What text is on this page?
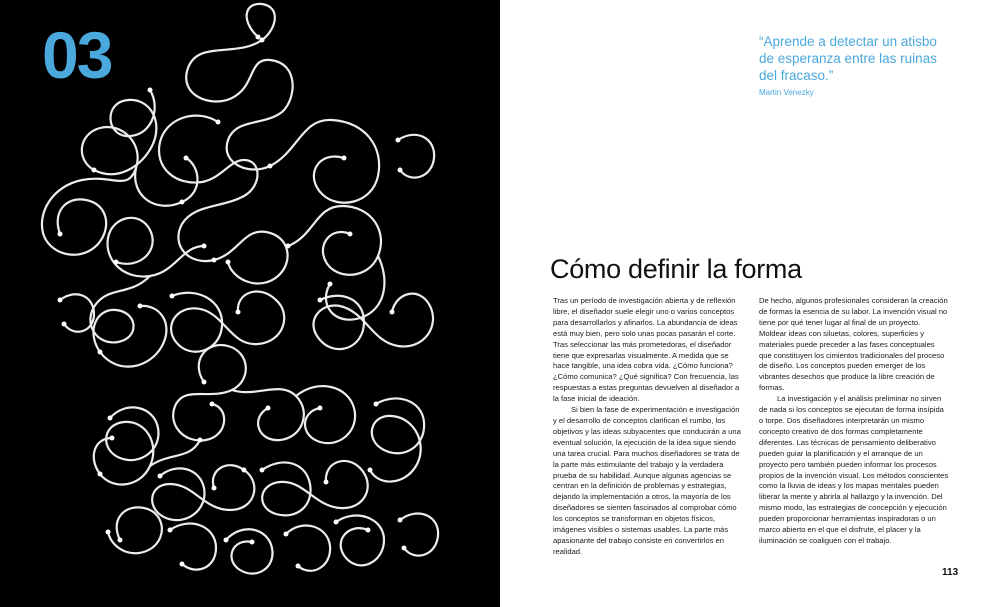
03	“Aprende a detectar un atisbo de esperanza entre las ruinas del fracaso.”
Martin Venezky
Cómo definir la forma

Tras un período de investigación abierta y de reflexión libre, el diseñador suele elegir uno o varios conceptos para desarrollarlos y afinarlos. La abundancia de ideas está muy bien, pero solo unas pocas pasarán el corte. Tras seleccionar las más prometedoras, el diseñador tiene que expresarlas visualmente. A medida que se hace tangible, una idea cobra vida. ¿Cómo funciona? ¿Cómo comunica? ¿Qué significa? Con frecuencia, las respuestas a estas preguntas devuelven al diseñador a la fase inicial de ideación.

Si bien la fase de experimentación e investigación y el desarrollo de conceptos clarifican el rumbo, los objetivos y las ideas subyacentes que conducirán a una eventual solución, la ejecución de la idea sigue siendo una tarea crucial. Para muchos diseñadores se trata de la parte más estimulante del trabajo y la verdadera prueba de su habilidad. Aunque algunas agencias se centran en la definición de problemas y estrategias, dejando la implementación a otros, la mayoría de los diseñadores se sienten fascinados al comprobar cómo los conceptos se transforman en objetos físicos, imágenes visibles o sistemas usables. La parte más apasionante del trabajo consiste en convertirlos en realidad.

De hecho, algunos profesionales consideran la creación de formas la esencia de su labor. La invención visual no tiene por qué tener lugar al final de un proyecto. Moldear ideas con siluetas, colores, superficies y materiales puede preceder a las fases conceptuales que constituyen los cimientos tradicionales del proceso de diseño. Los conceptos pueden emerger de los vibrantes desechos que produce la libre creación de formas.

La investigación y el análisis preliminar no sirven de nada si los conceptos se ejecutan de forma insípida o torpe. Dos diseñadores interpretarán un mismo concepto creativo de dos formas completamente diferentes. Las técnicas de pensamiento deliberativo pueden guiar la planificación y el arranque de un proyecto pero también pueden informar los procesos propios de la invención visual. Los métodos conscientes como la lluvia de ideas y los mapas mentales pueden liberar la mente y abrirla al hallazgo y la invención. Del mismo modo, las estrategias de concepción y ejecución pueden proporcionar herramientas inspiradoras o un marco abierto en el que el disfrute, el placer y la iluminación se coaliguen con el trabajo.

113
